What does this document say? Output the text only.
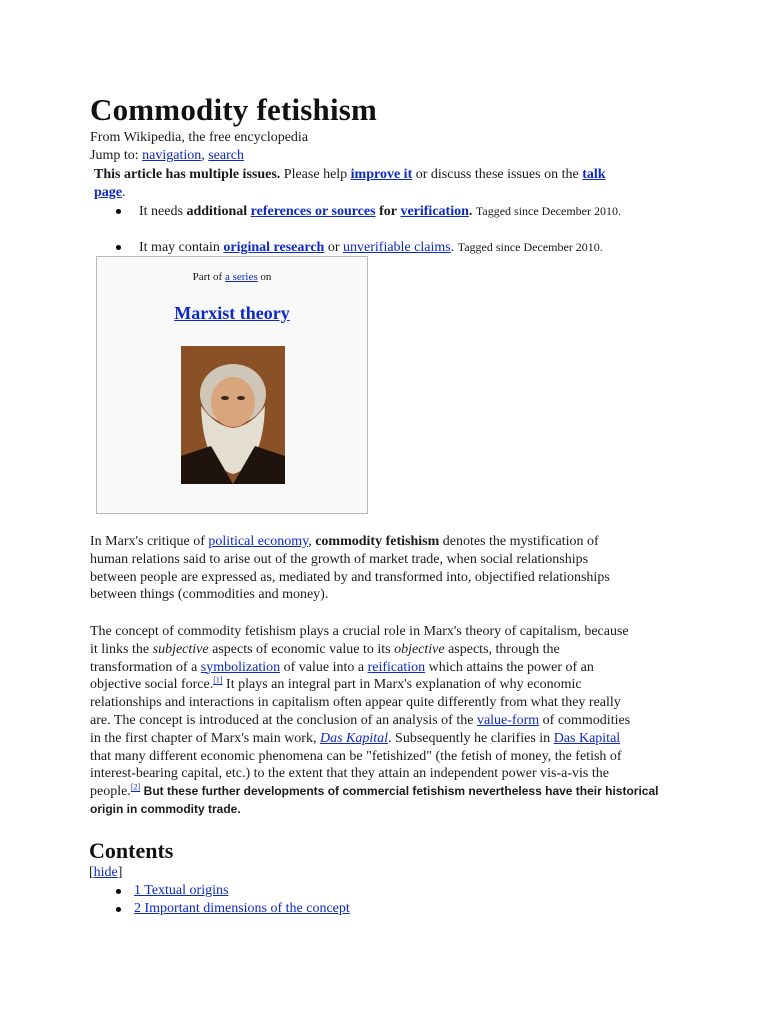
Commodity fetishism
From Wikipedia, the free encyclopedia
Jump to: navigation, search
This article has multiple issues. Please help improve it or discuss these issues on the talk
page.
It needs additional references or sources for verification. Tagged since December 2010.
It may contain original research or unverifiable claims. Tagged since December 2010.
Part of a series on
Marxist theory
In Marx's critique of political economy, commodity fetishism denotes the mystification of
human relations said to arise out of the growth of market trade, when social relationships
between people are expressed as, mediated by and transformed into, objectified relationships
between things (commodities and money).
The concept of commodity fetishism plays a crucial role in Marx's theory of capitalism, because
it links the subjective aspects of economic value to its objective aspects, through the
transformation of a symbolization of value into a reification which attains the power of an
objective social force.[1] It plays an integral part in Marx's explanation of why economic
relationships and interactions in capitalism often appear quite differently from what they really
are. The concept is introduced at the conclusion of an analysis of the value-form of commodities
in the first chapter of Marx's main work, Das Kapital. Subsequently he clarifies in Das Kapital
that many different economic phenomena can be "fetishized" (the fetish of money, the fetish of
interest-bearing capital, etc.) to the extent that they attain an independent power vis-a-vis the
people.[2] But these further developments of commercial fetishism nevertheless have their historical
origin in commodity trade.
Contents
[hide]
1 Textual origins
2 Important dimensions of the concept
